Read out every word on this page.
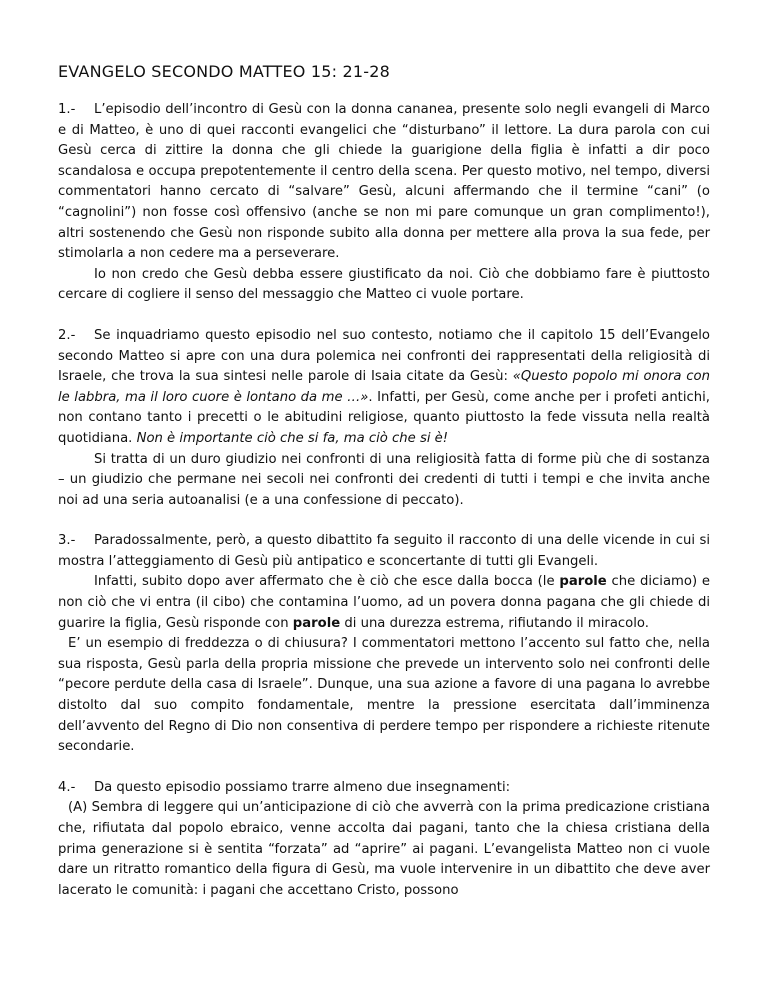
EVANGELO SECONDO MATTEO 15: 21-28

1.- L’episodio dell’incontro di Gesù con la donna cananea, presente solo negli evangeli di Marco e di Matteo, è uno di quei racconti evangelici che “disturbano” il lettore. La dura parola con cui Gesù cerca di zittire la donna che gli chiede la guarigione della figlia è infatti a dir poco scandalosa e occupa prepotentemente il centro della scena. Per questo motivo, nel tempo, diversi commentatori hanno cercato di “salvare” Gesù, alcuni affermando che il termine “cani” (o “cagnolini”) non fosse così offensivo (anche se non mi pare comunque un gran complimento!), altri sostenendo che Gesù non risponde subito alla donna per mettere alla prova la sua fede, per stimolarla a non cedere ma a perseverare.

Io non credo che Gesù debba essere giustificato da noi. Ciò che dobbiamo fare è piuttosto cercare di cogliere il senso del messaggio che Matteo ci vuole portare.

2.- Se inquadriamo questo episodio nel suo contesto, notiamo che il capitolo 15 dell’Evangelo secondo Matteo si apre con una dura polemica nei confronti dei rappresentati della religiosità di Israele, che trova la sua sintesi nelle parole di Isaia citate da Gesù: «Questo popolo mi onora con le labbra, ma il loro cuore è lontano da me …». Infatti, per Gesù, come anche per i profeti antichi, non contano tanto i precetti o le abitudini religiose, quanto piuttosto la fede vissuta nella realtà quotidiana. Non è importante ciò che si fa, ma ciò che si è!

Si tratta di un duro giudizio nei confronti di una religiosità fatta di forme più che di sostanza – un giudizio che permane nei secoli nei confronti dei credenti di tutti i tempi e che invita anche noi ad una seria autoanalisi (e a una confessione di peccato).

3.- Paradossalmente, però, a questo dibattito fa seguito il racconto di una delle vicende in cui si mostra l’atteggiamento di Gesù più antipatico e sconcertante di tutti gli Evangeli.

Infatti, subito dopo aver affermato che è ciò che esce dalla bocca (le parole che diciamo) e non ciò che vi entra (il cibo) che contamina l’uomo, ad un povera donna pagana che gli chiede di guarire la figlia, Gesù risponde con parole di una durezza estrema, rifiutando il miracolo.

E’ un esempio di freddezza o di chiusura? I commentatori mettono l’accento sul fatto che, nella sua risposta, Gesù parla della propria missione che prevede un intervento solo nei confronti delle “pecore perdute della casa di Israele”. Dunque, una sua azione a favore di una pagana lo avrebbe distolto dal suo compito fondamentale, mentre la pressione esercitata dall’imminenza dell’avvento del Regno di Dio non consentiva di perdere tempo per rispondere a richieste ritenute secondarie.

4.- Da questo episodio possiamo trarre almeno due insegnamenti:

(A) Sembra di leggere qui un’anticipazione di ciò che avverrà con la prima predicazione cristiana che, rifiutata dal popolo ebraico, venne accolta dai pagani, tanto che la chiesa cristiana della prima generazione si è sentita “forzata” ad “aprire” ai pagani. L’evangelista Matteo non ci vuole dare un ritratto romantico della figura di Gesù, ma vuole intervenire in un dibattito che deve aver lacerato le comunità: i pagani che accettano Cristo, possono
